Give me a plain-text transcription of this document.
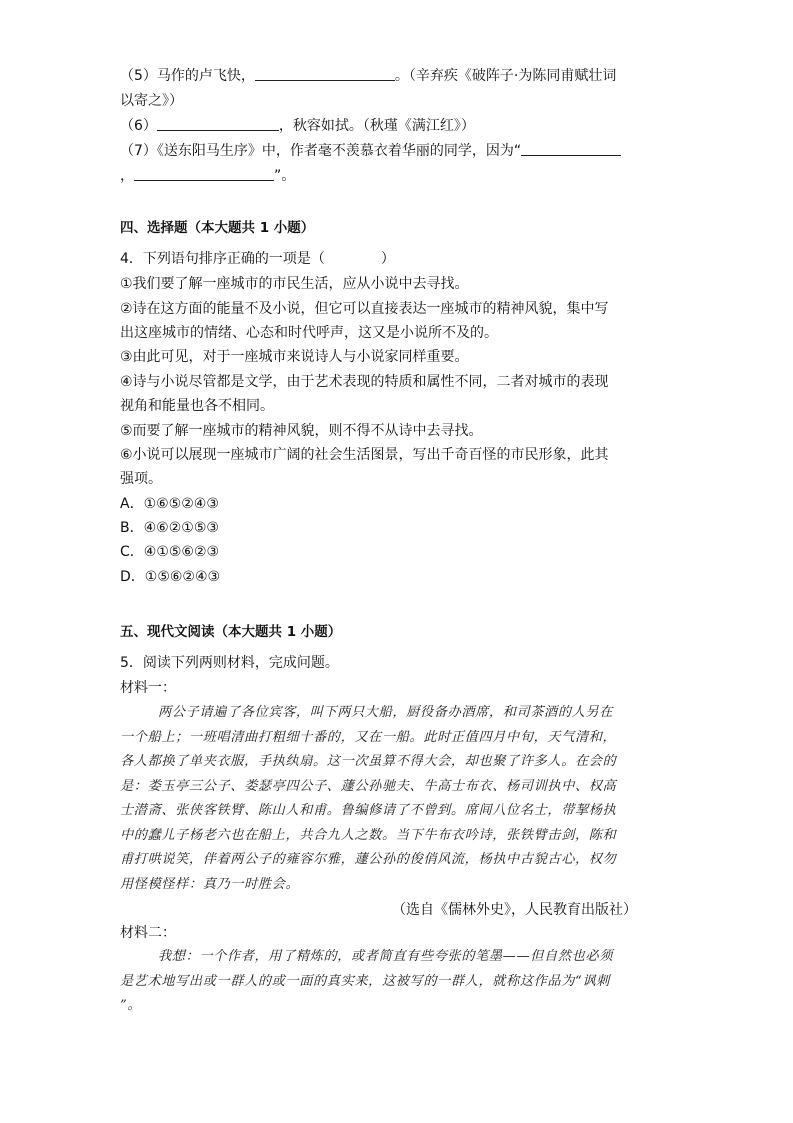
（5）马作的卢飞快，	。（辛弃疾《破阵子·为陈同甫赋壮词
以寄之》）
（6）	，秋容如拭。（秋瑾《满江红》）
（7）《送东阳马生序》中，作者毫不羡慕衣着华丽的同学，因为“
，	”。
四、选择题（本大题共 1 小题）
4．下列语句排序正确的一项是（　　　　）
①我们要了解一座城市的市民生活，应从小说中去寻找。
②诗在这方面的能量不及小说，但它可以直接表达一座城市的精神风貌，集中写
出这座城市的情绪、心态和时代呼声，这又是小说所不及的。
③由此可见，对于一座城市来说诗人与小说家同样重要。
④诗与小说尽管都是文学，由于艺术表现的特质和属性不同，二者对城市的表现
视角和能量也各不相同。
⑤而要了解一座城市的精神风貌，则不得不从诗中去寻找。
⑥小说可以展现一座城市广阔的社会生活图景，写出千奇百怪的市民形象，此其
强项。
A．①⑥⑤②④③
B．④⑥②①⑤③
C．④①⑤⑥②③
D．①⑤⑥②④③
五、现代文阅读（本大题共 1 小题）
5．阅读下列两则材料，完成问题。
材料一：
两公子请遍了各位宾客，叫下两只大船，厨役备办酒席，和司茶酒的人另在
一个船上；一班唱清曲打粗细十番的，又在一船。此时正值四月中旬，天气清和，
各人都换了单夹衣服，手执纨扇。这一次虽算不得大会，却也聚了许多人。在会的
是：娄玉亭三公子、娄瑟亭四公子、蘧公孙驰夫、牛高士布衣、杨司训执中、权高
士潜斋、张侠客铁臂、陈山人和甫。鲁编修请了不曾到。席间八位名士，带挈杨执
中的蠢儿子杨老六也在船上，共合九人之数。当下牛布衣吟诗，张铁臂击剑，陈和
甫打哄说笑，伴着两公子的雍容尔雅，蘧公孙的俊俏风流，杨执中古貌古心，权勿
用怪模怪样：真乃一时胜会。
（选自《儒林外史》，人民教育出版社）
材料二：
我想：一个作者，用了精炼的，或者简直有些夸张的笔墨——但自然也必须
是艺术地写出或一群人的或一面的真实来，这被写的一群人，就称这作品为“讽刺
”。
